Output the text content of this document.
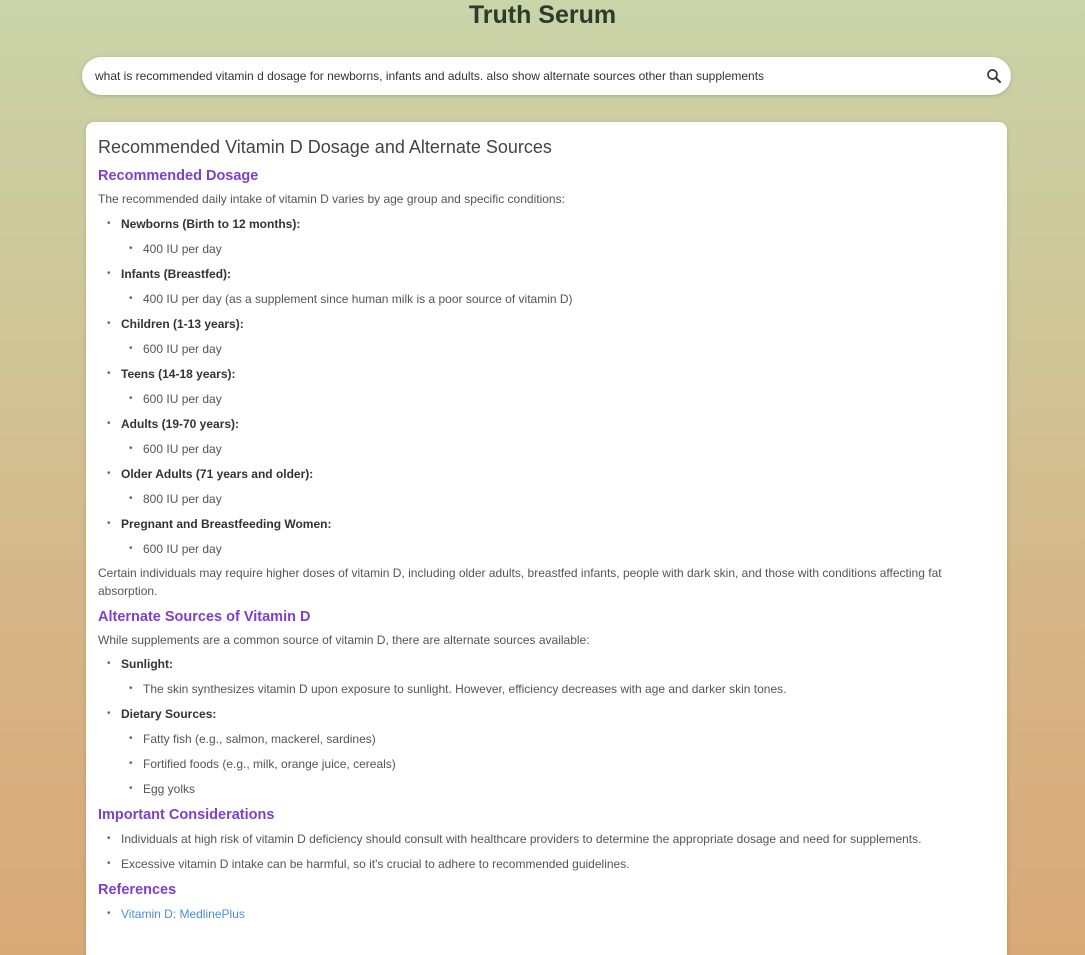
Truth Serum
what is recommended vitamin d dosage for newborns, infants and adults. also show alternate sources other than supplements
Recommended Vitamin D Dosage and Alternate Sources
Recommended Dosage

The recommended daily intake of vitamin D varies by age group and specific conditions:

• Newborns (Birth to 12 months):
• 400 IU per day
• Infants (Breastfed):
• 400 IU per day (as a supplement since human milk is a poor source of vitamin D)
• Children (1-13 years):
• 600 IU per day
• Teens (14-18 years):
• 600 IU per day
• Adults (19-70 years):
• 600 IU per day
• Older Adults (71 years and older):
• 800 IU per day
• Pregnant and Breastfeeding Women:
• 600 IU per day

Certain individuals may require higher doses of vitamin D, including older adults, breastfed infants, people with dark skin, and those with conditions affecting fat absorption.

Alternate Sources of Vitamin D

While supplements are a common source of vitamin D, there are alternate sources available:

• Sunlight:
• The skin synthesizes vitamin D upon exposure to sunlight. However, efficiency decreases with age and darker skin tones.
• Dietary Sources:
• Fatty fish (e.g., salmon, mackerel, sardines)
• Fortified foods (e.g., milk, orange juice, cereals)
• Egg yolks
Important Considerations
• Individuals at high risk of vitamin D deficiency should consult with healthcare providers to determine the appropriate dosage and need for supplements.
• Excessive vitamin D intake can be harmful, so it's crucial to adhere to recommended guidelines.
References
• Vitamin D: MedlinePlus
